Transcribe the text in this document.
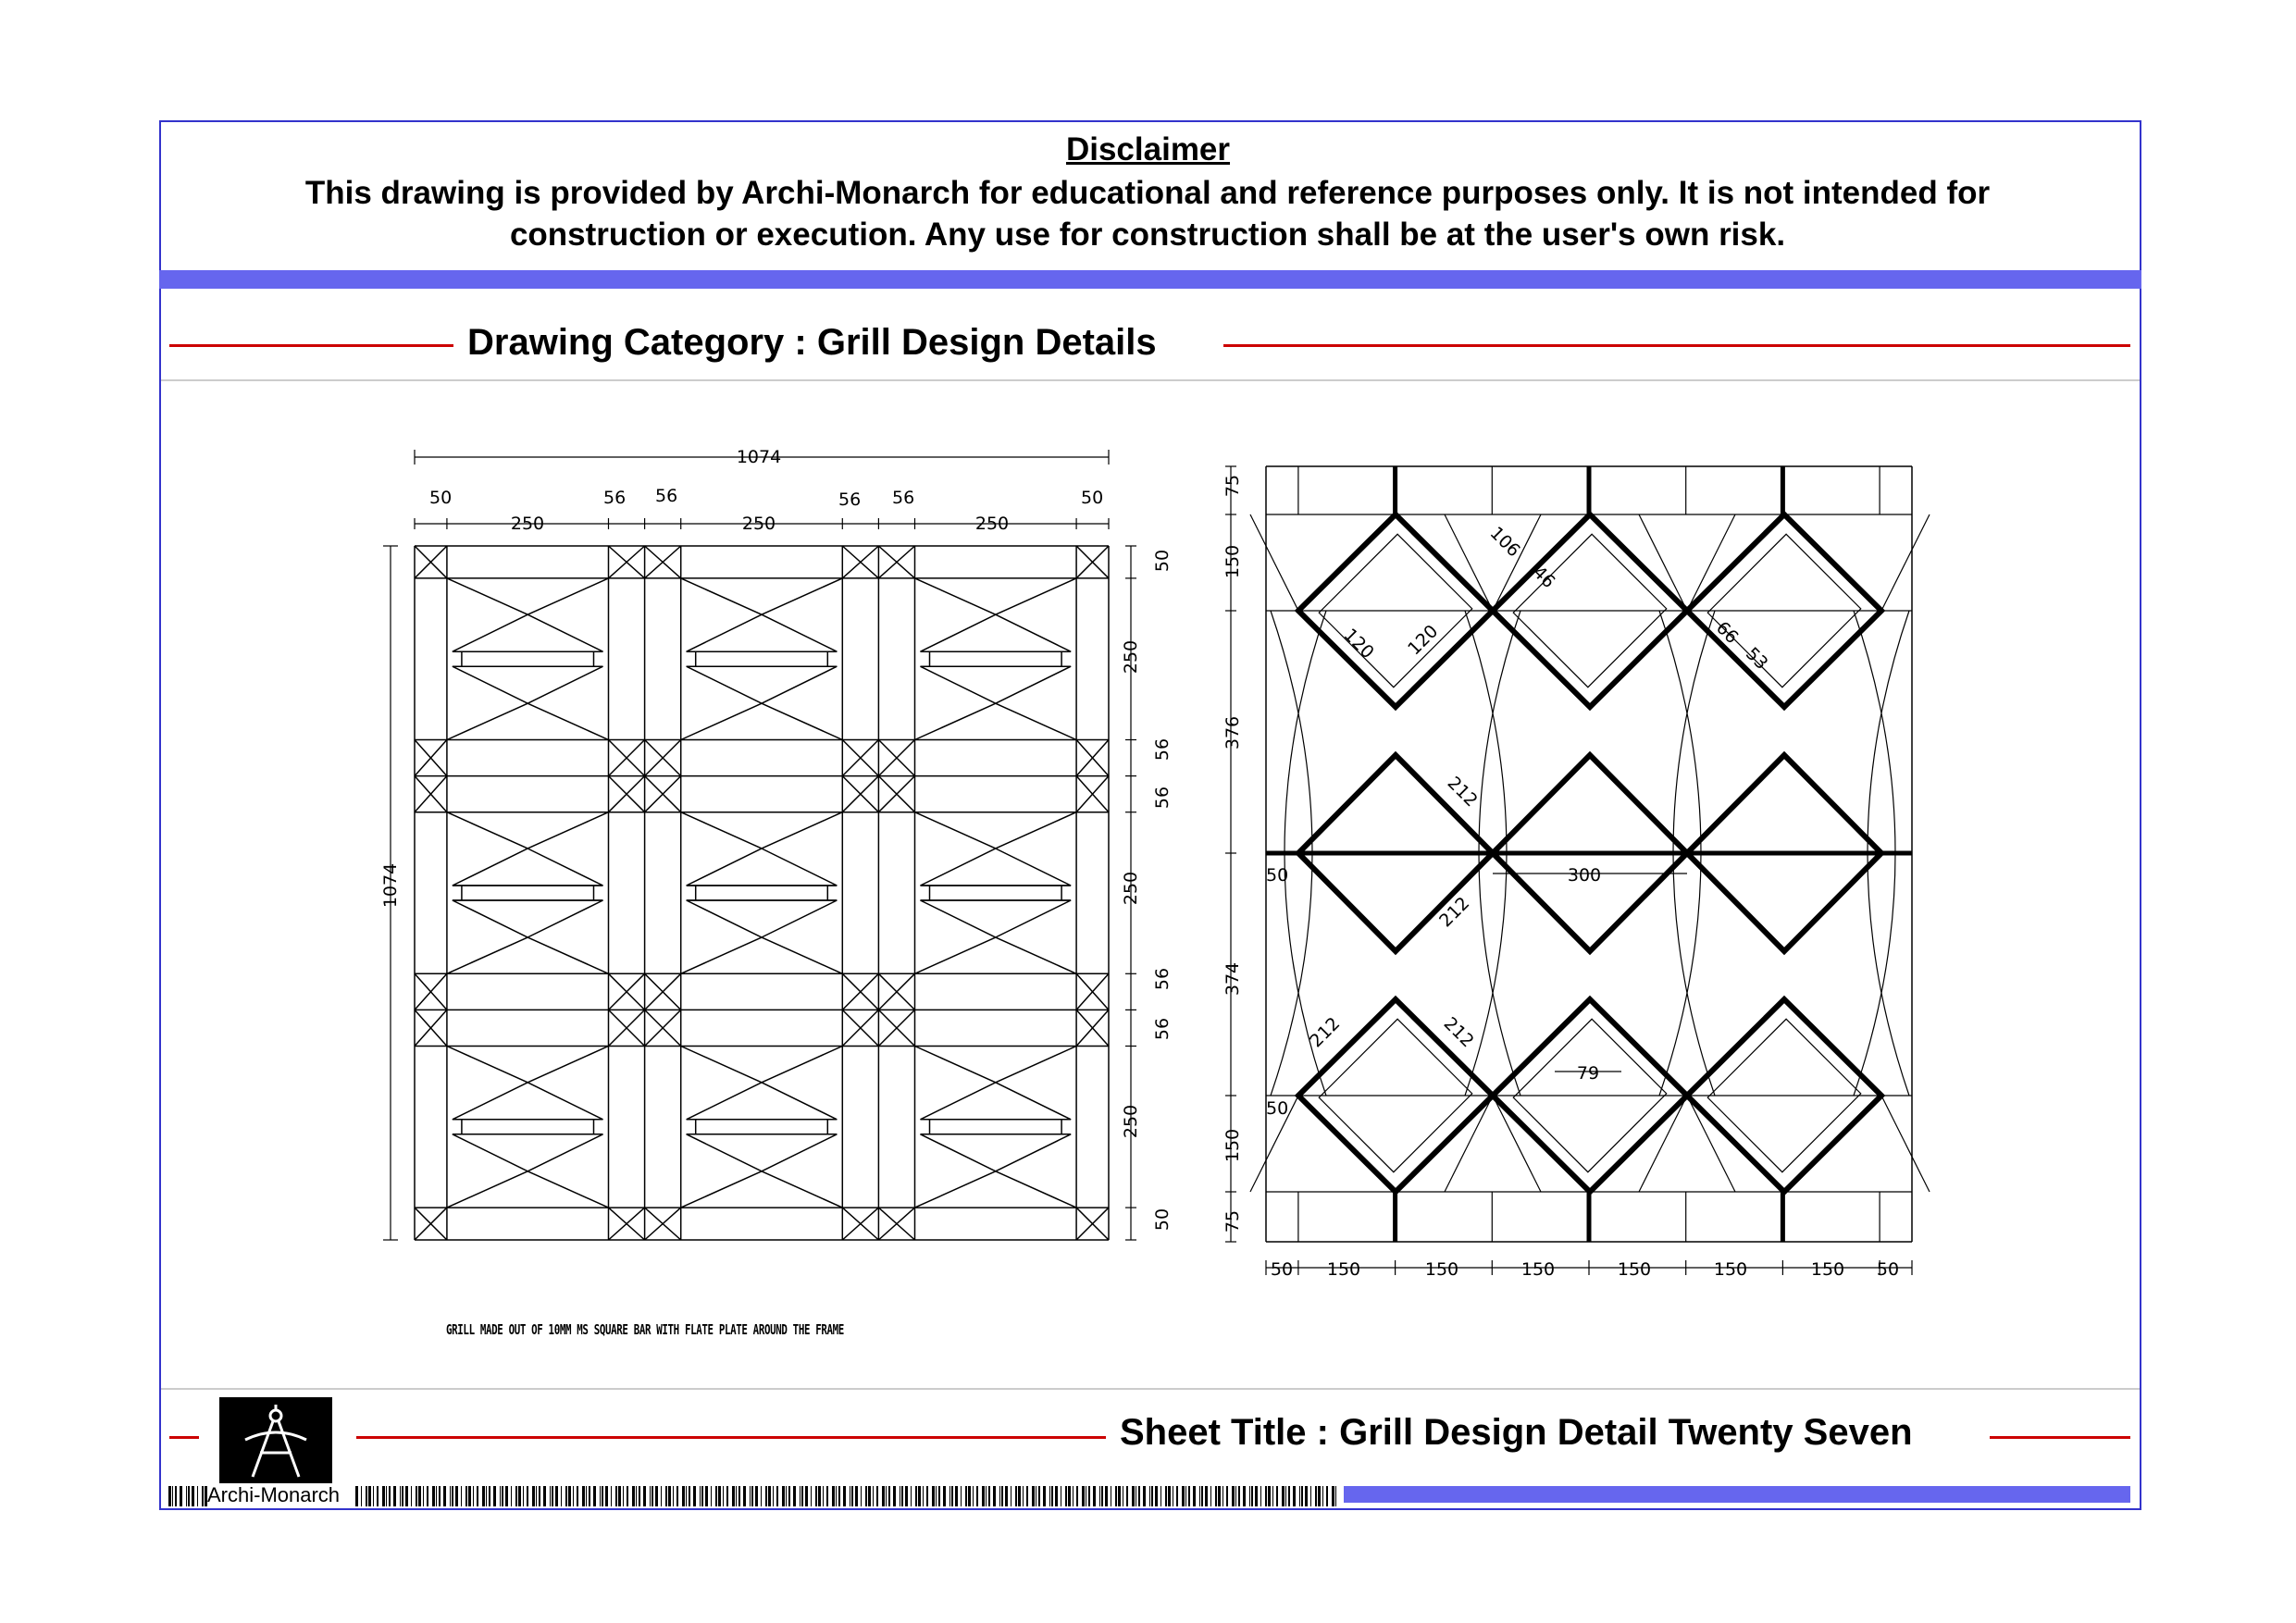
Disclaimer
This drawing is provided by Archi-Monarch for educational and reference purposes only. It is not intended for
construction or execution. Any use for construction shall be at the user's own risk.
Drawing Category : Grill Design Details
1074
1074
50	56 56	56 56	50
250	250	250
50
250
56
56
250
56
56
250
50
75
150
376
374
150
75
50 150	150	150	150	150	150 50
106
46
120 120	66
53
212
212
212	212
300
50
50
79
GRILL MADE OUT OF 10MM MS SQUARE BAR WITH FLATE PLATE AROUND THE FRAME
Sheet Title : Grill Design Detail Twenty Seven
Archi-Monarch
